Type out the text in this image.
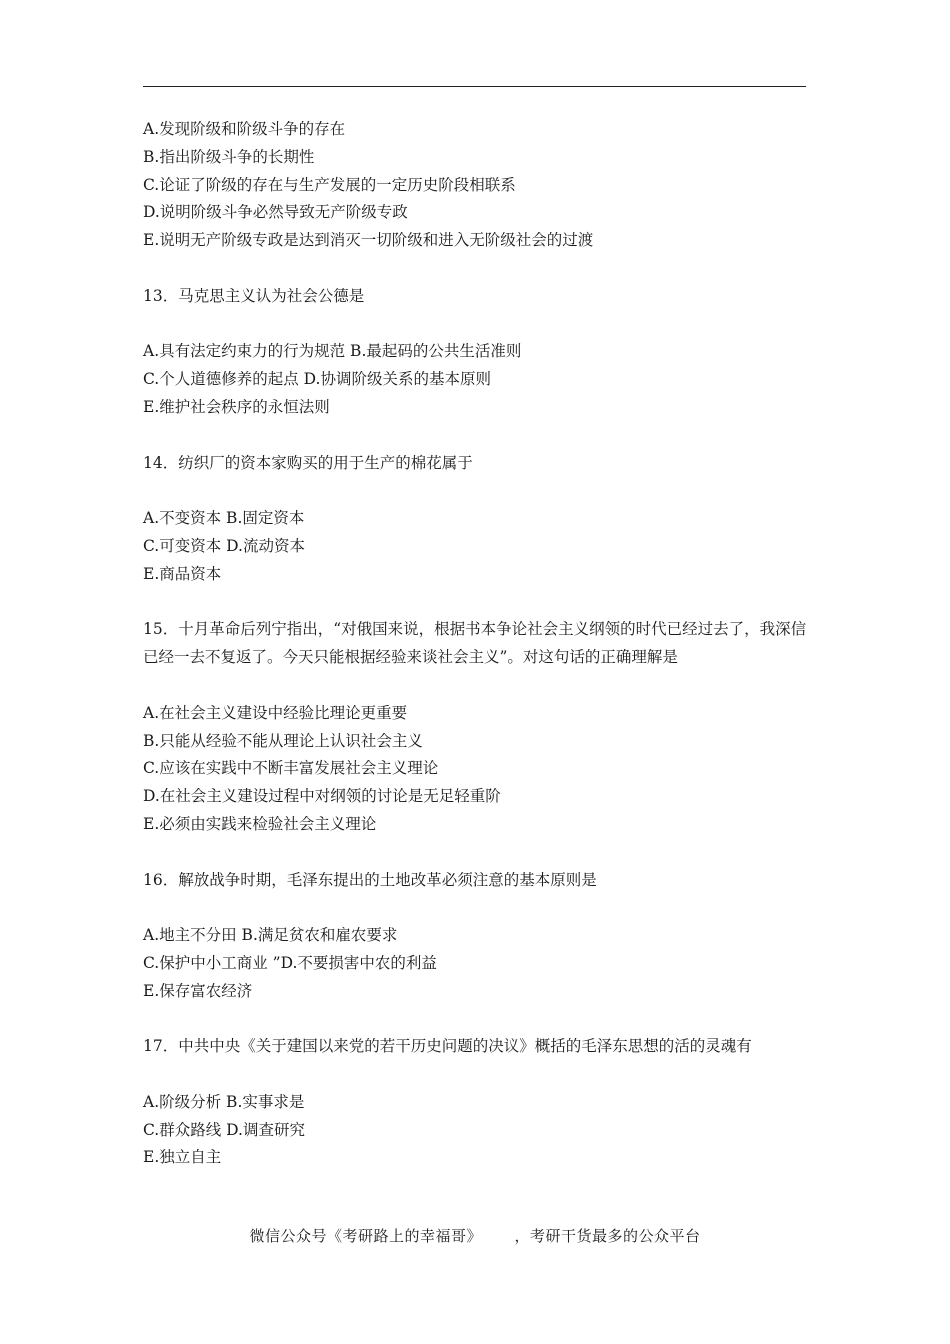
A.发现阶级和阶级斗争的存在
B.指出阶级斗争的长期性
C.论证了阶级的存在与生产发展的一定历史阶段相联系
D.说明阶级斗争必然导致无产阶级专政
E.说明无产阶级专政是达到消灭一切阶级和进入无阶级社会的过渡
13．马克思主义认为社会公德是
A.具有法定约束力的行为规范 B.最起码的公共生活准则
C.个人道德修养的起点 D.协调阶级关系的基本原则
E.维护社会秩序的永恒法则
14．纺织厂的资本家购买的用于生产的棉花属于
A.不变资本 B.固定资本
C.可变资本 D.流动资本
E.商品资本
15．十月革命后列宁指出，“对俄国来说，根据书本争论社会主义纲领的时代已经过去了，我深信已经一去不复返了。今天只能根据经验来谈社会主义”。对这句话的正确理解是
A.在社会主义建设中经验比理论更重要
B.只能从经验不能从理论上认识社会主义
C.应该在实践中不断丰富发展社会主义理论
D.在社会主义建设过程中对纲领的讨论是无足轻重阶
E.必须由实践来检验社会主义理论
16．解放战争时期，毛泽东提出的土地改革必须注意的基本原则是
A.地主不分田 B.满足贫农和雇农要求
C.保护中小工商业 ”D.不要损害中农的利益
E.保存富农经济
17．中共中央《关于建国以来党的若干历史问题的决议》概括的毛泽东思想的活的灵魂有
A.阶级分析 B.实事求是
C.群众路线 D.调查研究
E.独立自主
微信公众号《考研路上的幸福哥》	，考研干货最多的公众平台
